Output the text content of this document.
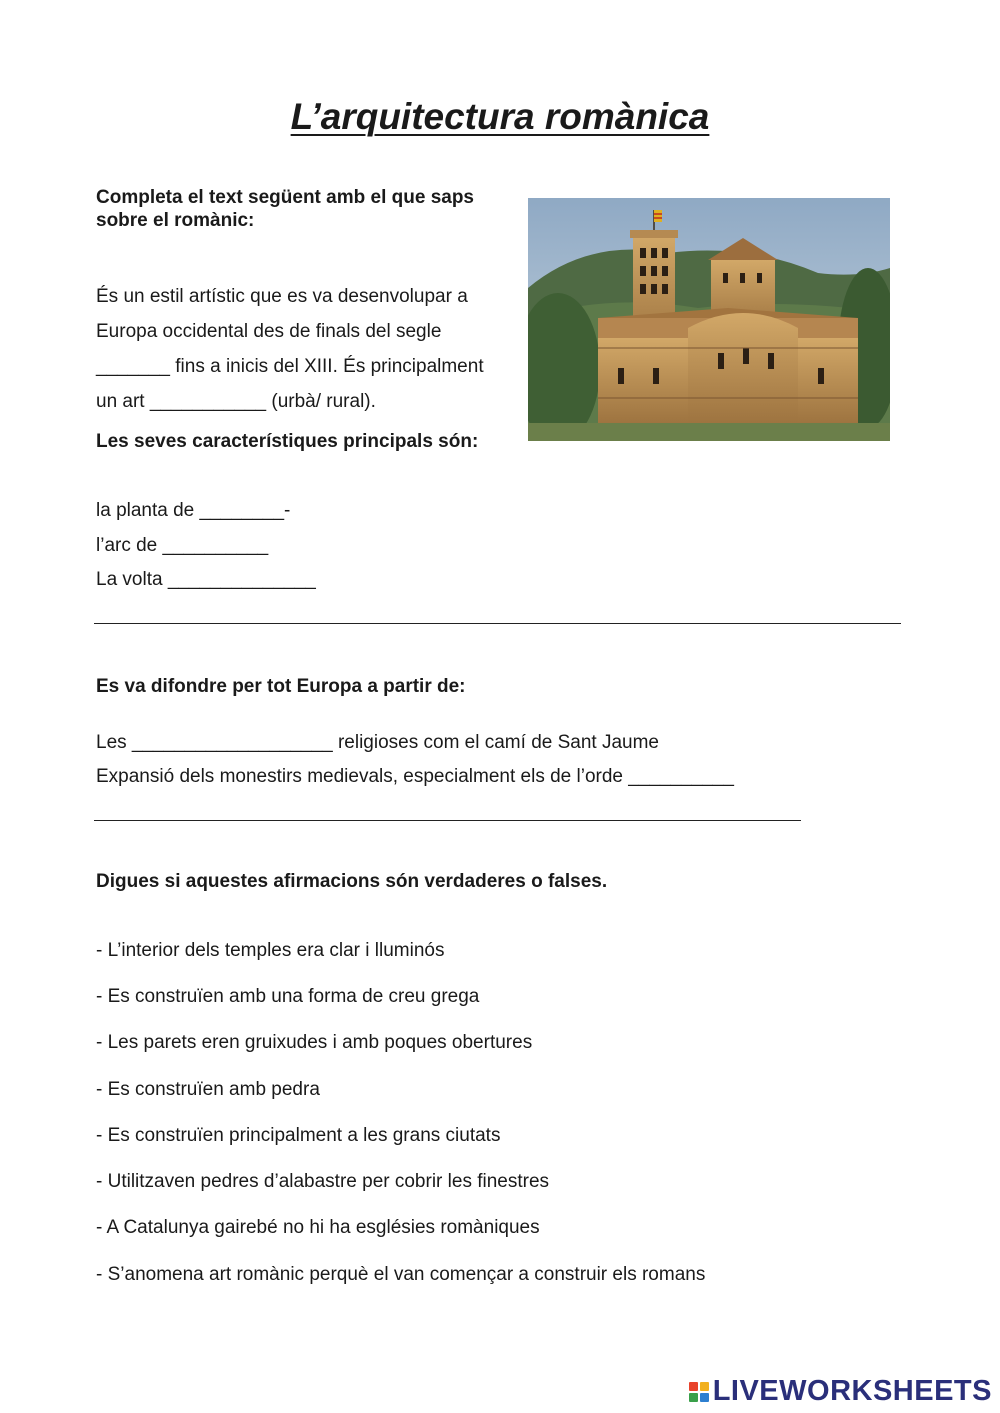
L’arquitectura romànica
Completa el text següent amb el que saps
sobre el romànic:
És un estil artístic que es va desenvolupar a
Europa occidental des de finals del segle
_______ fins a inicis del XIII. És principalment
un art ___________ (urbà/ rural).
Les seves característiques principals són:
la planta de ________-
l’arc de __________
La volta ______________
Es va difondre per tot Europa a partir de:
Les ___________________ religioses com el camí de Sant Jaume
Expansió dels monestirs medievals, especialment els de l’orde __________
Digues si aquestes afirmacions són verdaderes o falses.
- L’interior dels temples era clar i lluminós
- Es construïen amb una forma de creu grega
- Les parets eren gruixudes i amb poques obertures
- Es construïen amb pedra
- Es construïen principalment a les grans ciutats
- Utilitzaven pedres d’alabastre per cobrir les finestres
- A Catalunya gairebé no hi ha esglésies romàniques
- S’anomena art romànic perquè el van començar a construir els romans
LIVEWORKSHEETS
